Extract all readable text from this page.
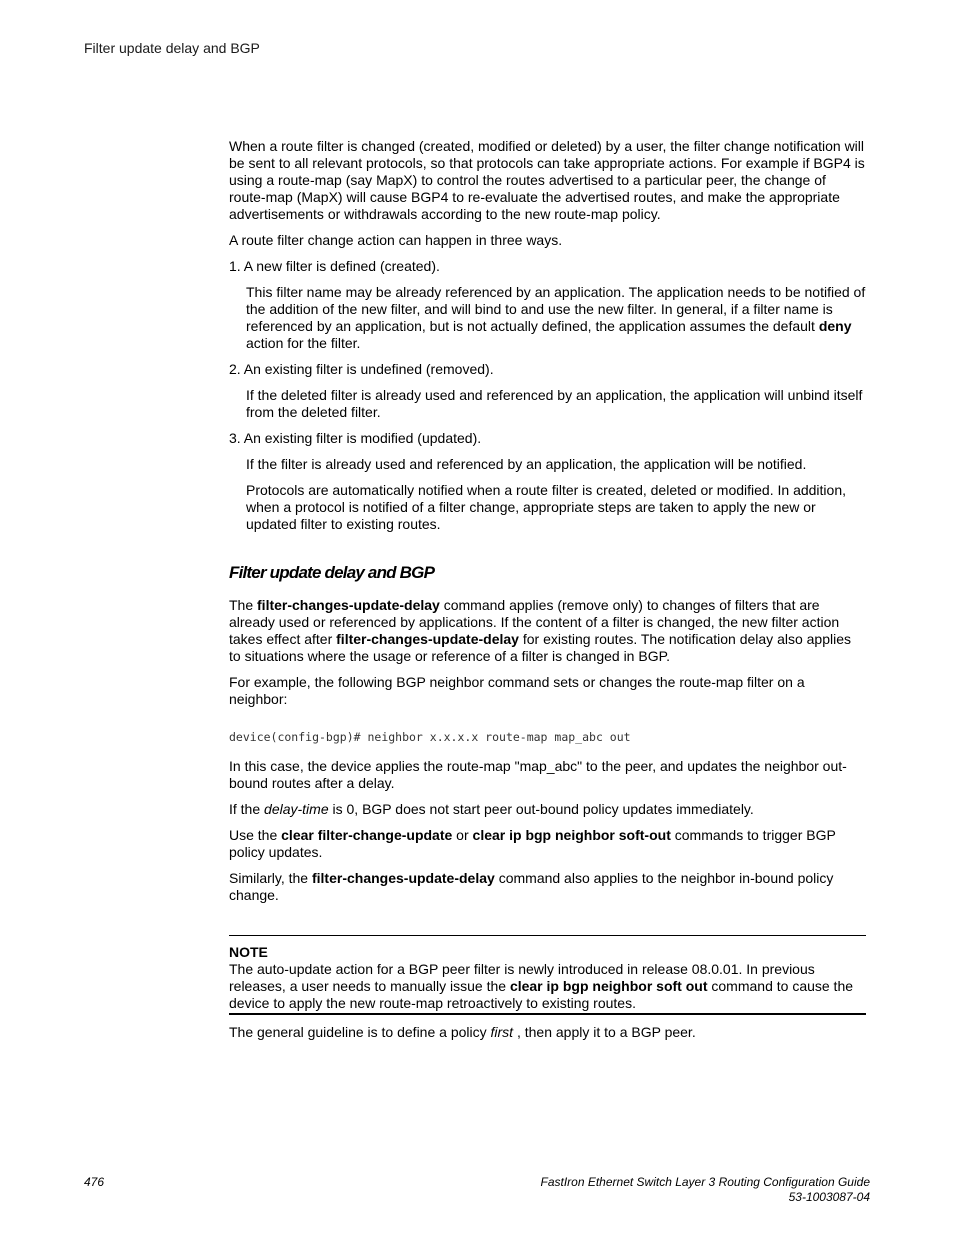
Filter update delay and BGP

When a route filter is changed (created, modified or deleted) by a user, the filter change notification will be sent to all relevant protocols, so that protocols can take appropriate actions. For example if BGP4 is using a route-map (say MapX) to control the routes advertised to a particular peer, the change of route-map (MapX) will cause BGP4 to re-evaluate the advertised routes, and make the appropriate advertisements or withdrawals according to the new route-map policy.

A route filter change action can happen in three ways.

1. A new filter is defined (created).

This filter name may be already referenced by an application. The application needs to be notified of the addition of the new filter, and will bind to and use the new filter. In general, if a filter name is referenced by an application, but is not actually defined, the application assumes the default deny action for the filter.

2. An existing filter is undefined (removed).

If the deleted filter is already used and referenced by an application, the application will unbind itself from the deleted filter.

3. An existing filter is modified (updated).

If the filter is already used and referenced by an application, the application will be notified.

Protocols are automatically notified when a route filter is created, deleted or modified. In addition, when a protocol is notified of a filter change, appropriate steps are taken to apply the new or updated filter to existing routes.

Filter update delay and BGP

The filter-changes-update-delay command applies (remove only) to changes of filters that are already used or referenced by applications. If the content of a filter is changed, the new filter action takes effect after filter-changes-update-delay for existing routes. The notification delay also applies to situations where the usage or reference of a filter is changed in BGP.

For example, the following BGP neighbor command sets or changes the route-map filter on a neighbor:

device(config-bgp)# neighbor x.x.x.x route-map map_abc out

In this case, the device applies the route-map "map_abc" to the peer, and updates the neighbor out-bound routes after a delay.

If the delay-time is 0, BGP does not start peer out-bound policy updates immediately.

Use the clear filter-change-update or clear ip bgp neighbor soft-out commands to trigger BGP policy updates.

Similarly, the filter-changes-update-delay command also applies to the neighbor in-bound policy change.

NOTE

The auto-update action for a BGP peer filter is newly introduced in release 08.0.01. In previous releases, a user needs to manually issue the clear ip bgp neighbor soft out command to cause the device to apply the new route-map retroactively to existing routes.

The general guideline is to define a policy first , then apply it to a BGP peer.

476	FastIron Ethernet Switch Layer 3 Routing Configuration Guide
53-1003087-04
